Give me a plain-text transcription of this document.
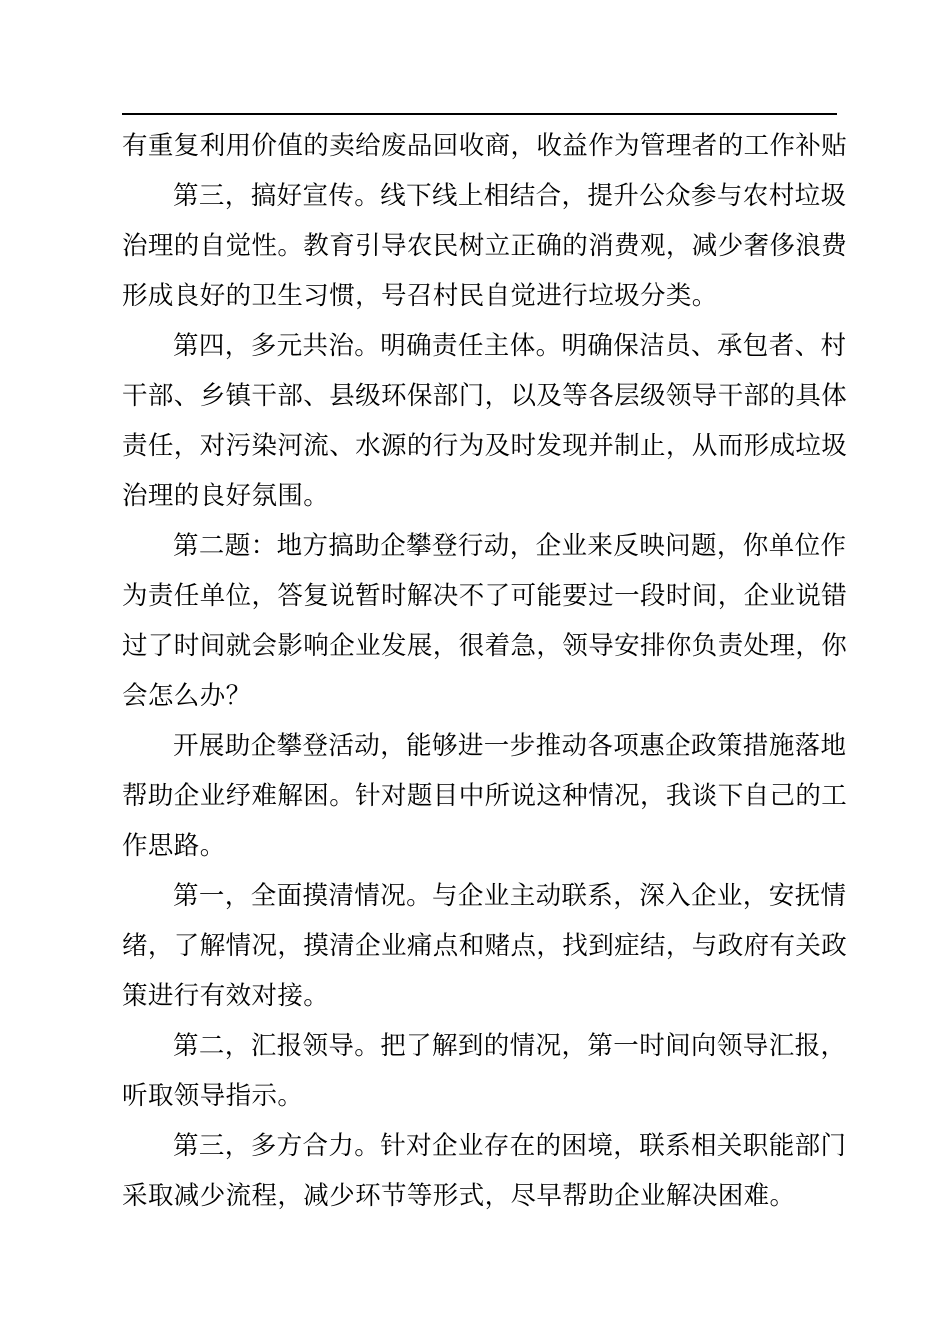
有重复利用价值的卖给废品回收商，收益作为管理者的工作补贴
第三，搞好宣传。线下线上相结合，提升公众参与农村垃圾
治理的自觉性。教育引导农民树立正确的消费观，减少奢侈浪费
形成良好的卫生习惯，号召村民自觉进行垃圾分类。
第四，多元共治。明确责任主体。明确保洁员、承包者、村
干部、乡镇干部、县级环保部门，以及等各层级领导干部的具体
责任，对污染河流、水源的行为及时发现并制止，从而形成垃圾
治理的良好氛围。
第二题：地方搞助企攀登行动，企业来反映问题，你单位作
为责任单位，答复说暂时解决不了可能要过一段时间，企业说错
过了时间就会影响企业发展，很着急，领导安排你负责处理，你
会怎么办？
开展助企攀登活动，能够进一步推动各项惠企政策措施落地
帮助企业纾难解困。针对题目中所说这种情况，我谈下自己的工
作思路。
第一，全面摸清情况。与企业主动联系，深入企业，安抚情
绪，了解情况，摸清企业痛点和赌点，找到症结，与政府有关政
策进行有效对接。
第二，汇报领导。把了解到的情况，第一时间向领导汇报，
听取领导指示。
第三，多方合力。针对企业存在的困境，联系相关职能部门
采取减少流程，减少环节等形式，尽早帮助企业解决困难。
